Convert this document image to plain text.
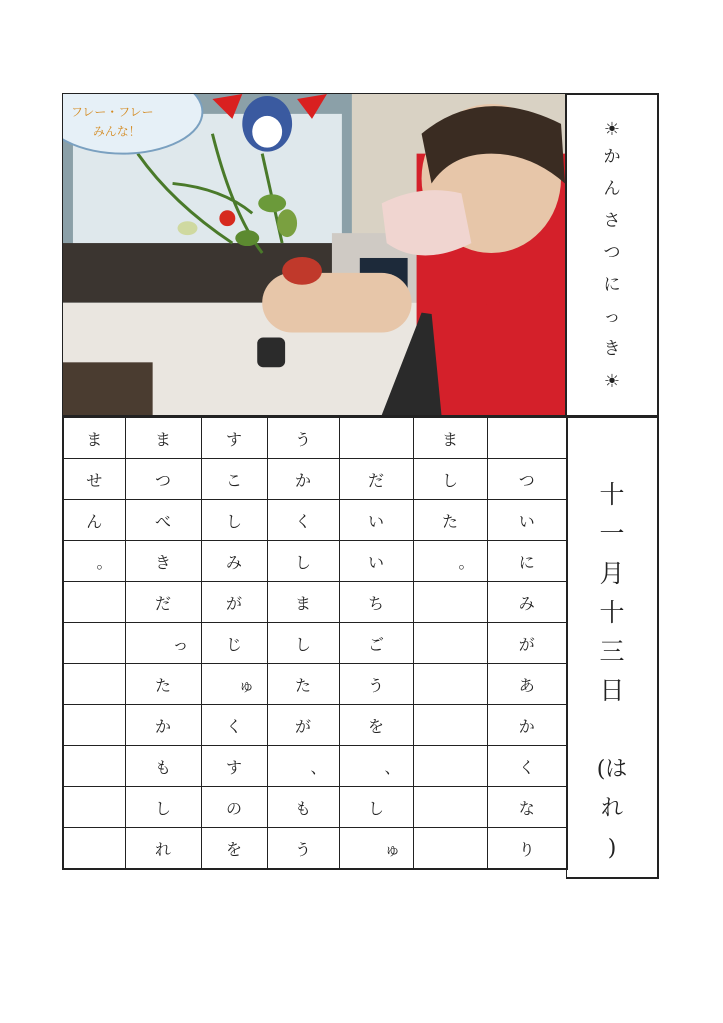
フレー・フレー
みんな！	☀
か
ん
さ
つ
に
っ
き
☀
ま	ま	す	う		ま	
せ	つ	こ	か	だ	し	つ
ん	べ	し	く	い	た	い
。	き	み	し	い	。	に
	だ	が	ま	ち		み
	っ	じ	し	ご		が
	た	ゅ	た	う		あ
	か	く	が	を		か
	も	す	、	、		く
	し	の	も	し		な
	れ	を	う	ゅ		り
十
一
月
十
三
日
(は
れ
)
